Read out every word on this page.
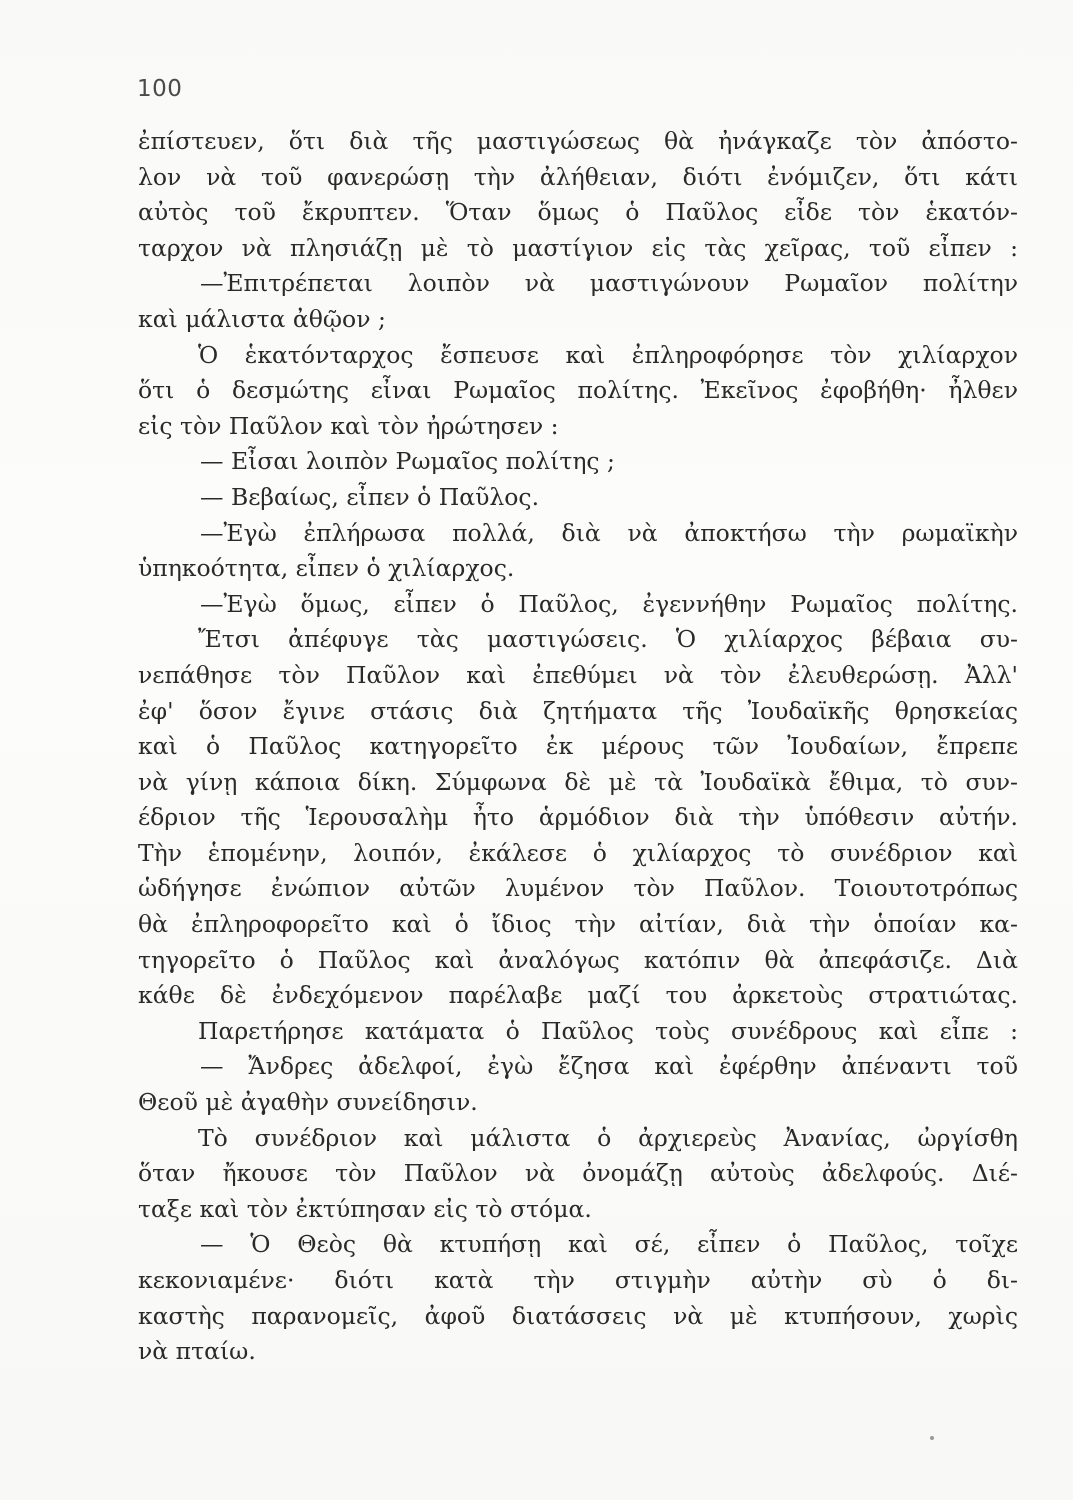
100
ἐπίστευεν, ὅτι διὰ τῆς μαστιγώσεως θὰ ἠνάγκαζε τὸν ἀπόστο-
λον νὰ τοῦ φανερώσῃ τὴν ἀλήθειαν, διότι ἐνόμιζεν, ὅτι κάτι
αὐτὸς τοῦ ἔκρυπτεν. Ὅταν ὅμως ὁ Παῦλος εἶδε τὸν ἑκατόν-
ταρχον νὰ πλησιάζῃ μὲ τὸ μαστίγιον εἰς τὰς χεῖρας, τοῦ εἶπεν :
—Ἐπιτρέπεται λοιπὸν νὰ μαστιγώνουν Ρωμαῖον πολίτην
καὶ μάλιστα ἀθῷον ;
Ὁ ἑκατόνταρχος ἔσπευσε καὶ ἐπληροφόρησε τὸν χιλίαρχον
ὅτι ὁ δεσμώτης εἶναι Ρωμαῖος πολίτης. Ἐκεῖνος ἐφοβήθη· ἦλθεν
εἰς τὸν Παῦλον καὶ τὸν ἠρώτησεν :
— Εἶσαι λοιπὸν Ρωμαῖος πολίτης ;
— Βεβαίως, εἶπεν ὁ Παῦλος.
—Ἐγὼ ἐπλήρωσα πολλά, διὰ νὰ ἀποκτήσω τὴν ρωμαϊκὴν
ὑπηκοότητα, εἶπεν ὁ χιλίαρχος.
—Ἐγὼ ὅμως, εἶπεν ὁ Παῦλος, ἐγεννήθην Ρωμαῖος πολίτης.
Ἔτσι ἀπέφυγε τὰς μαστιγώσεις. Ὁ χιλίαρχος βέβαια συ-
νεπάθησε τὸν Παῦλον καὶ ἐπεθύμει νὰ τὸν ἐλευθερώσῃ. Ἀλλ'
ἐφ' ὅσον ἔγινε στάσις διὰ ζητήματα τῆς Ἰουδαϊκῆς θρησκείας
καὶ ὁ Παῦλος κατηγορεῖτο ἐκ μέρους τῶν Ἰουδαίων, ἔπρεπε
νὰ γίνῃ κάποια δίκη. Σύμφωνα δὲ μὲ τὰ Ἰουδαϊκὰ ἔθιμα, τὸ συν-
έδριον τῆς Ἱερουσαλὴμ ἦτο ἁρμόδιον διὰ τὴν ὑπόθεσιν αὐτήν.
Τὴν ἑπομένην, λοιπόν, ἐκάλεσε ὁ χιλίαρχος τὸ συνέδριον καὶ
ὡδήγησε ἐνώπιον αὐτῶν λυμένον τὸν Παῦλον. Τοιουτοτρόπως
θὰ ἐπληροφορεῖτο καὶ ὁ ἴδιος τὴν αἰτίαν, διὰ τὴν ὁποίαν κα-
τηγορεῖτο ὁ Παῦλος καὶ ἀναλόγως κατόπιν θὰ ἀπεφάσιζε. Διὰ
κάθε δὲ ἐνδεχόμενον παρέλαβε μαζί του ἀρκετοὺς στρατιώτας.
Παρετήρησε κατάματα ὁ Παῦλος τοὺς συνέδρους καὶ εἶπε :
— Ἄνδρες ἀδελφοί, ἐγὼ ἔζησα καὶ ἐφέρθην ἀπέναντι τοῦ
Θεοῦ μὲ ἀγαθὴν συνείδησιν.
Τὸ συνέδριον καὶ μάλιστα ὁ ἀρχιερεὺς Ἀνανίας, ὠργίσθη
ὅταν ἤκουσε τὸν Παῦλον νὰ ὀνομάζῃ αὐτοὺς ἀδελφούς. Διέ-
ταξε καὶ τὸν ἐκτύπησαν εἰς τὸ στόμα.
— Ὁ Θεὸς θὰ κτυπήσῃ καὶ σέ, εἶπεν ὁ Παῦλος, τοῖχε
κεκονιαμένε· διότι κατὰ τὴν στιγμὴν αὐτὴν σὺ ὁ δι-
καστὴς παρανομεῖς, ἀφοῦ διατάσσεις νὰ μὲ κτυπήσουν, χωρὶς
νὰ πταίω.
